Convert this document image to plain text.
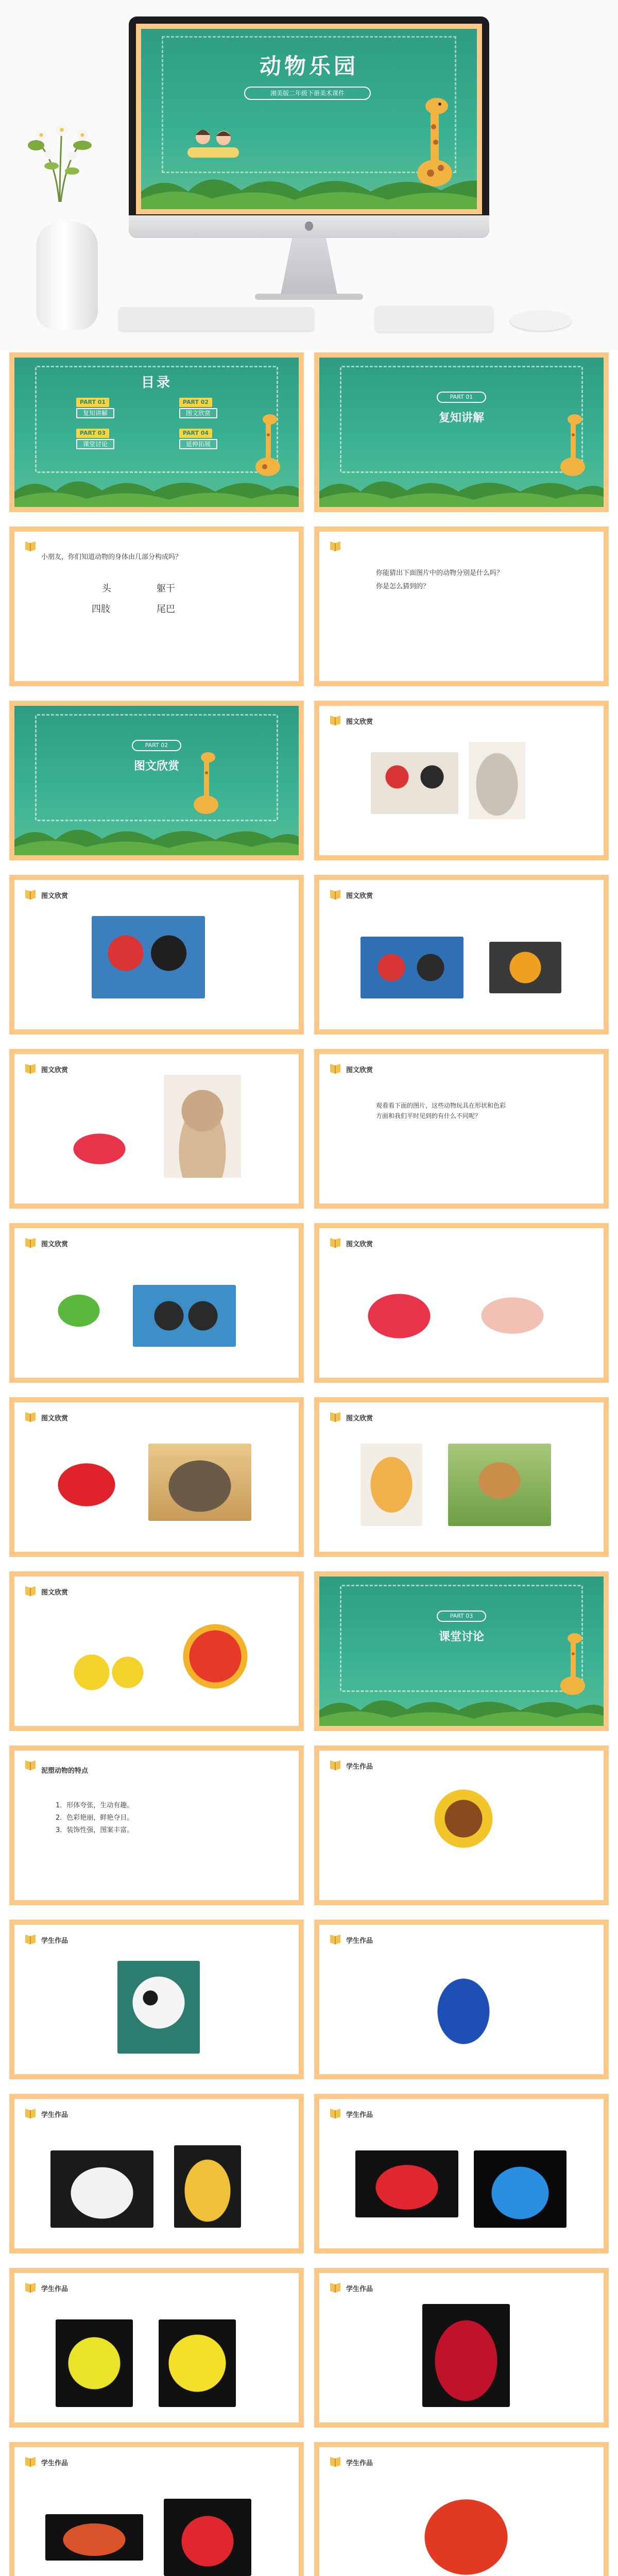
动物乐园
湘美版二年级下册美术课件
目录
PART 01
复知讲解
PART 02
图文欣赏
PART 03
课堂讨论
PART 04
延伸拓展
PART 01
复知讲解
小朋友，你们知道动物的身体由几部分构成吗？
头	躯干
四肢	尾巴
你能猜出下面图片中的动物分别是什么吗？
你是怎么猜到的？
PART 02
图文欣赏
图文欣赏
图文欣赏	图文欣赏
图文欣赏	图文欣赏
观看看下面的图片，这些动物玩具在形状和色彩方面和我们平时见到的有什么不同呢？
图文欣赏	图文欣赏
图文欣赏	图文欣赏
图文欣赏
PART 03
课堂讨论
泥塑动物的特点
1．形体夸张，生动有趣。
2．色彩艳丽，鲜艳夺目。
3．装饰性强，图案丰富。
学生作品
学生作品	学生作品
学生作品	学生作品
学生作品	学生作品
学生作品	学生作品
